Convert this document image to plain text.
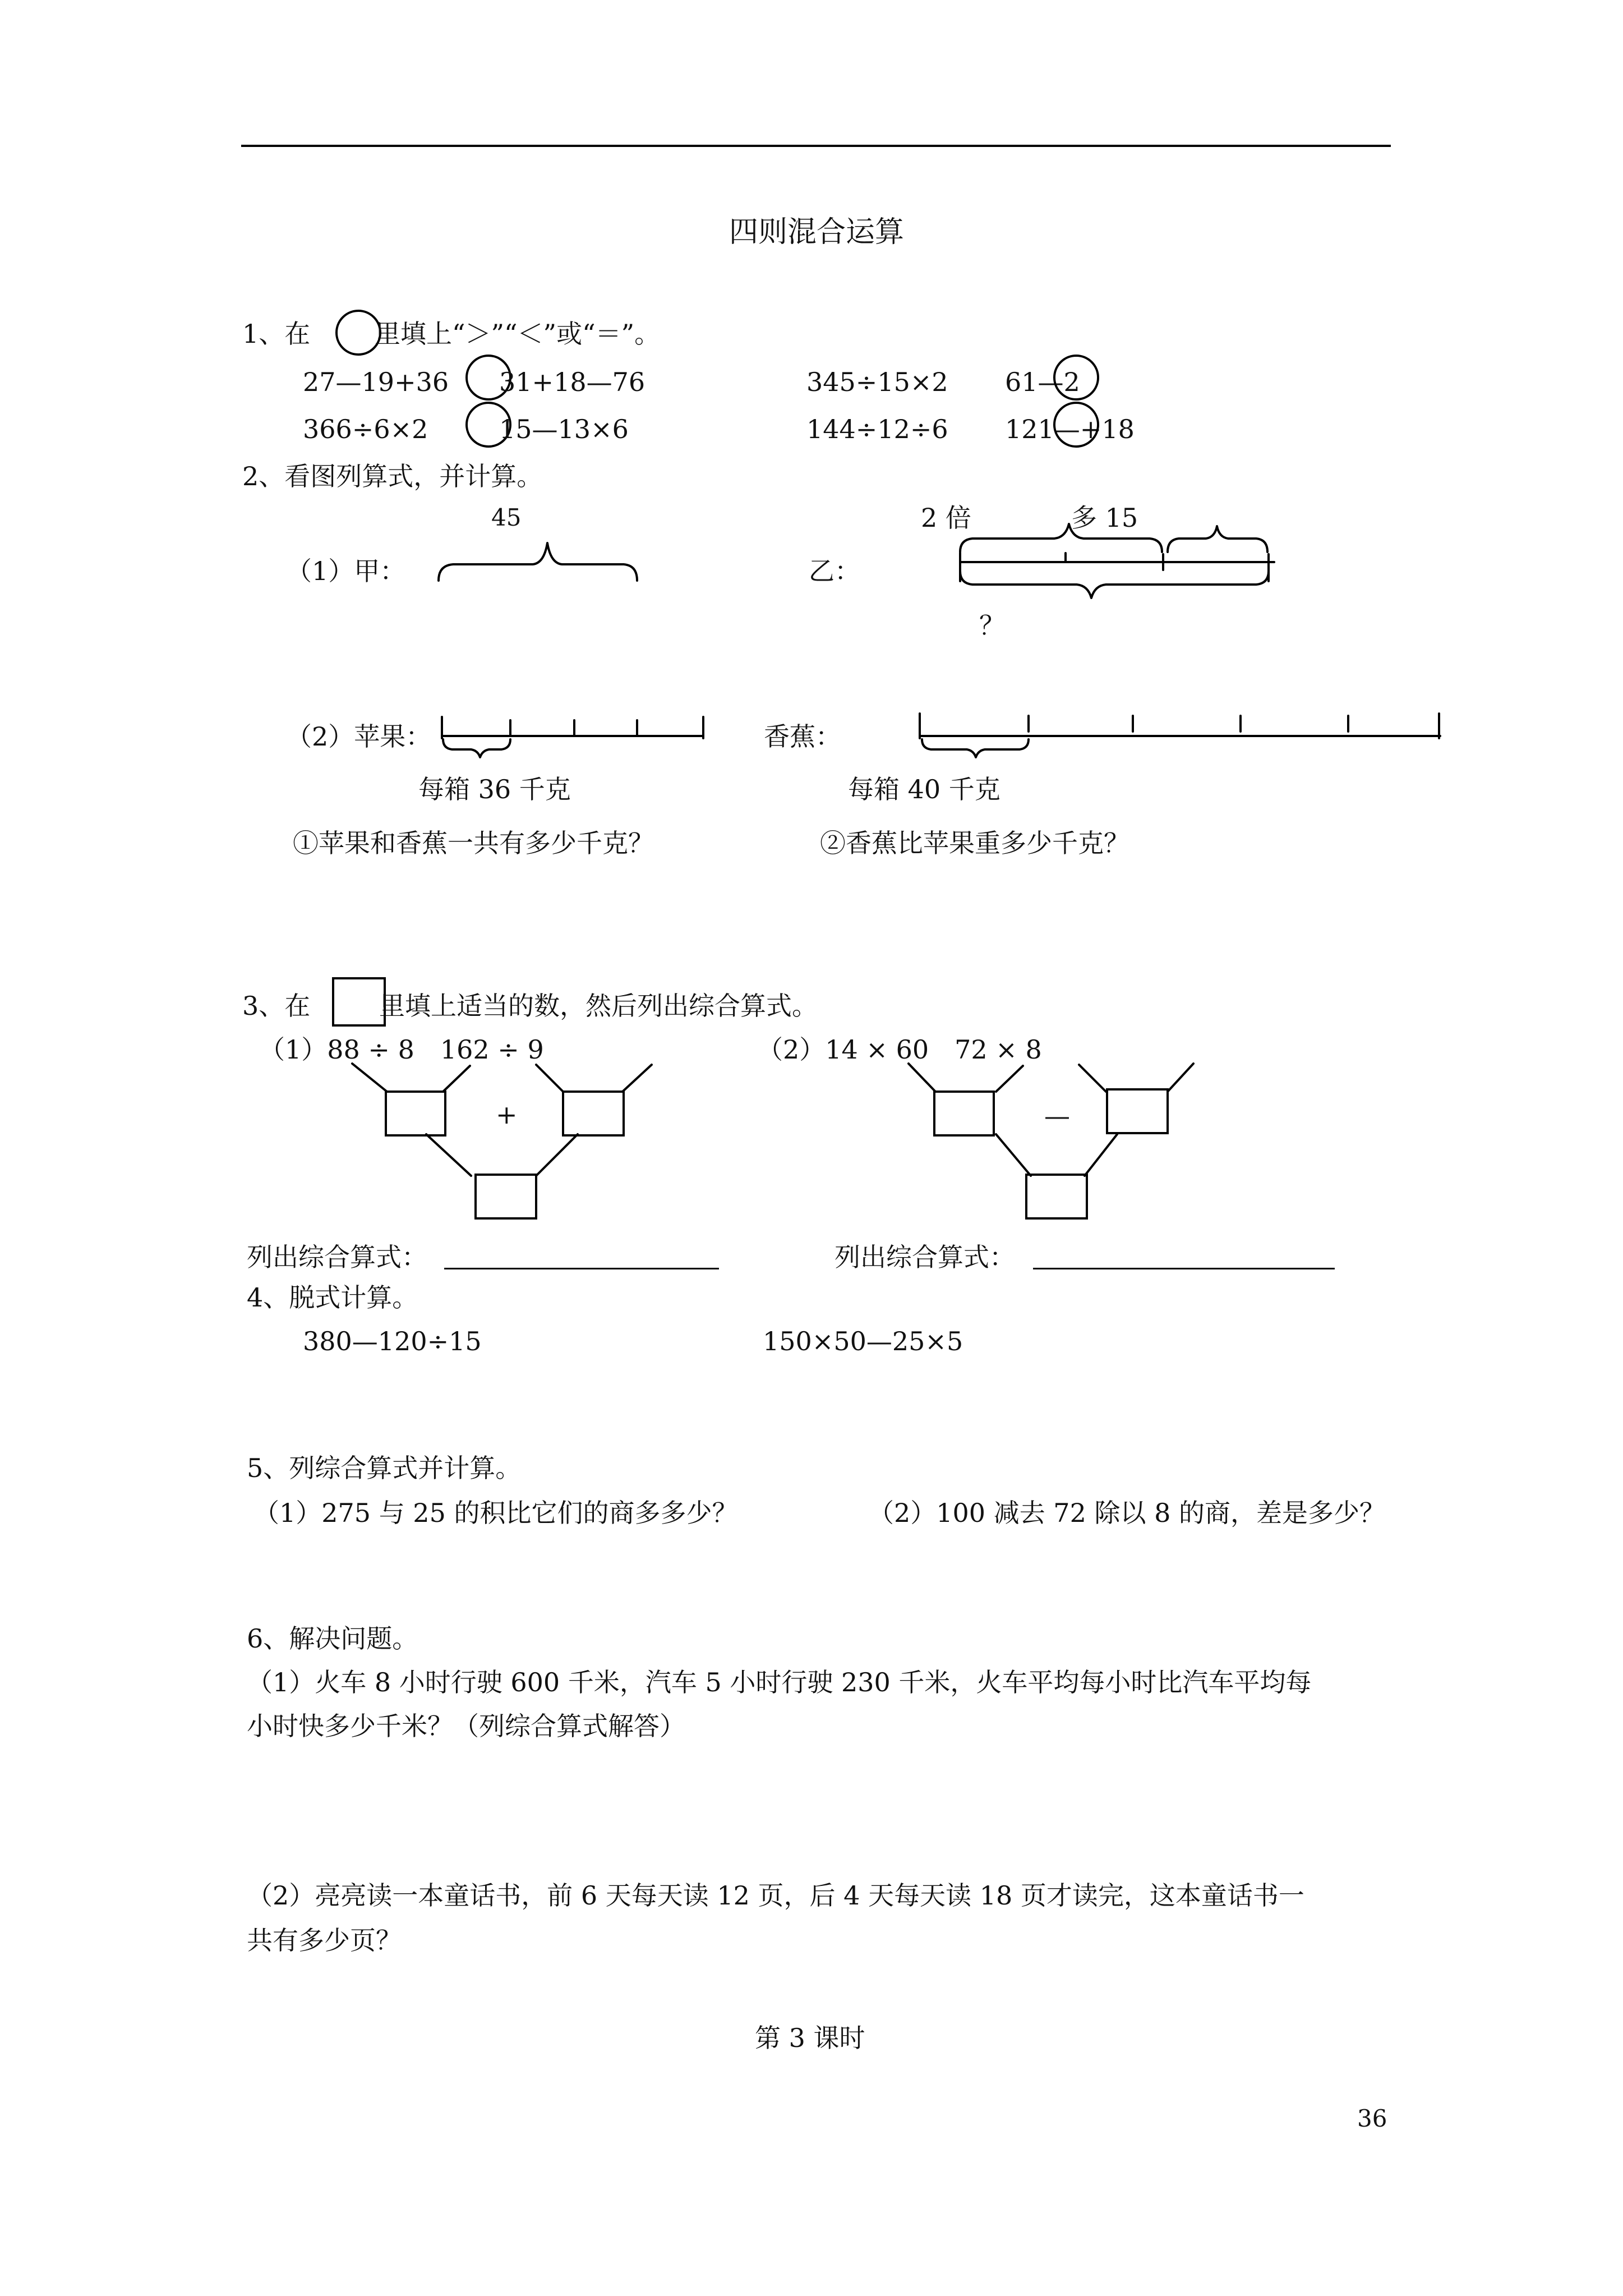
四则混合运算
1、在 里填上“＞”“＜”或“＝”。
27—19+36 31+18—76	345÷15×2 61—2
366÷6×2	15—13×6	144÷12÷6 121—+18
2、看图列算式，并计算。
45
（1）甲：	乙：
2 倍	多 15
？
（2）苹果：	香蕉：
每箱 36 千克	每箱 40 千克
①苹果和香蕉一共有多少千克？	②香蕉比苹果重多少千克？
3、在	里填上适当的数，然后列出综合算式。
（1）88 ÷ 8　162 ÷ 9	（2）14 × 60　72 × 8
+	—
列出综合算式：	列出综合算式：
4、脱式计算。
380—120÷15	150×50—25×5
5、列综合算式并计算。
（1）275 与 25 的积比它们的商多多少？	（2）100 减去 72 除以 8 的商，差是多少？
6、解决问题。
（1）火车 8 小时行驶 600 千米，汽车 5 小时行驶 230 千米，火车平均每小时比汽车平均每
小时快多少千米？（列综合算式解答）
（2）亮亮读一本童话书，前 6 天每天读 12 页，后 4 天每天读 18 页才读完，这本童话书一
共有多少页？
第 3 课时
36
